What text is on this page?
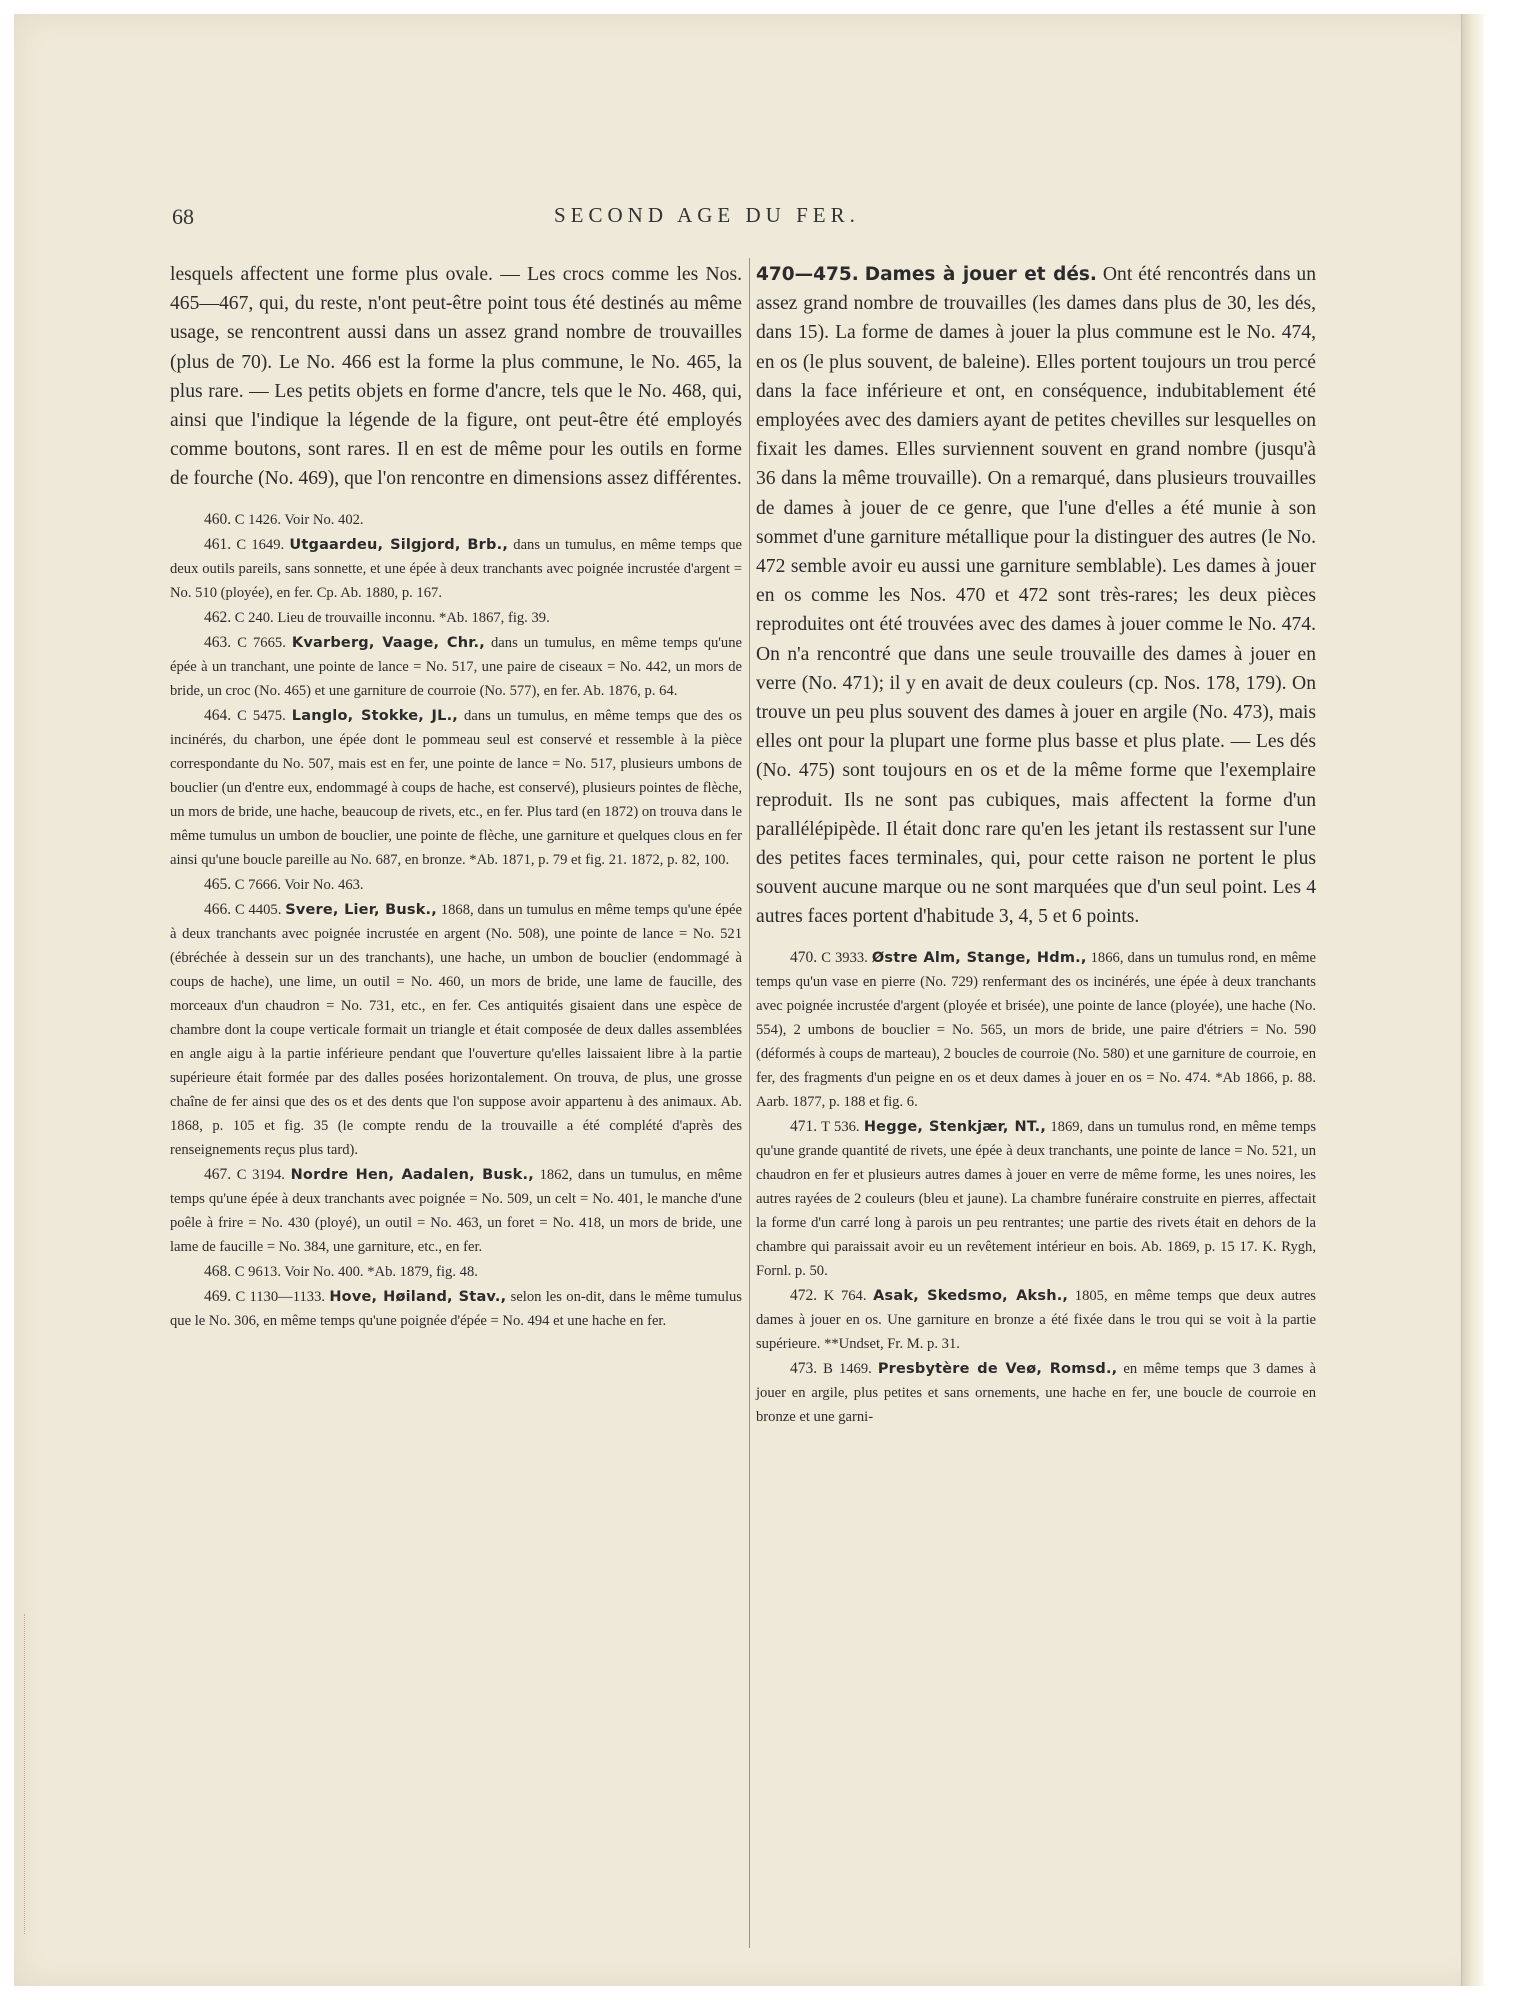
68	SECOND AGE DU FER.

lesquels affectent une forme plus ovale. — Les crocs comme les Nos. 465—467, qui, du reste, n'ont peut-être point tous été destinés au même usage, se rencontrent aussi dans un assez grand nombre de trouvailles (plus de 70). Le No. 466 est la forme la plus commune, le No. 465, la plus rare. — Les petits objets en forme d'ancre, tels que le No. 468, qui, ainsi que l'indique la légende de la figure, ont peut-être été employés comme boutons, sont rares. Il en est de même pour les outils en forme de fourche (No. 469), que l'on rencontre en dimensions assez différentes.

460. C 1426. Voir No. 402.

461. C 1649. Utgaardeu, Silgjord, Brb., dans un tumulus, en même temps que deux outils pareils, sans sonnette, et une épée à deux tranchants avec poignée incrustée d'argent = No. 510 (ployée), en fer. Cp. Ab. 1880, p. 167.

462. C 240. Lieu de trouvaille inconnu. *Ab. 1867, fig. 39.

463. C 7665. Kvarberg, Vaage, Chr., dans un tumulus, en même temps qu'une épée à un tranchant, une pointe de lance = No. 517, une paire de ciseaux = No. 442, un mors de bride, un croc (No. 465) et une garniture de courroie (No. 577), en fer. Ab. 1876, p. 64.

464. C 5475. Langlo, Stokke, JL., dans un tumulus, en même temps que des os incinérés, du charbon, une épée dont le pommeau seul est conservé et ressemble à la pièce correspondante du No. 507, mais est en fer, une pointe de lance = No. 517, plusieurs umbons de bouclier (un d'entre eux, endommagé à coups de hache, est conservé), plusieurs pointes de flèche, un mors de bride, une hache, beaucoup de rivets, etc., en fer. Plus tard (en 1872) on trouva dans le même tumulus un umbon de bouclier, une pointe de flèche, une garniture et quelques clous en fer ainsi qu'une boucle pareille au No. 687, en bronze. *Ab. 1871, p. 79 et fig. 21. 1872, p. 82, 100.

465. C 7666. Voir No. 463.

466. C 4405. Svere, Lier, Busk., 1868, dans un tumulus en même temps qu'une épée à deux tranchants avec poignée incrustée en argent (No. 508), une pointe de lance = No. 521 (ébréchée à dessein sur un des tranchants), une hache, un umbon de bouclier (endommagé à coups de hache), une lime, un outil = No. 460, un mors de bride, une lame de faucille, des morceaux d'un chaudron = No. 731, etc., en fer. Ces antiquités gisaient dans une espèce de chambre dont la coupe verticale formait un triangle et était composée de deux dalles assemblées en angle aigu à la partie inférieure pendant que l'ouverture qu'elles laissaient libre à la partie supérieure était formée par des dalles posées horizontalement. On trouva, de plus, une grosse chaîne de fer ainsi que des os et des dents que l'on suppose avoir appartenu à des animaux. Ab. 1868, p. 105 et fig. 35 (le compte rendu de la trouvaille a été complété d'après des renseignements reçus plus tard).

467. C 3194. Nordre Hen, Aadalen, Busk., 1862, dans un tumulus, en même temps qu'une épée à deux tranchants avec poignée = No. 509, un celt = No. 401, le manche d'une poêle à frire = No. 430 (ployé), un outil = No. 463, un foret = No. 418, un mors de bride, une lame de faucille = No. 384, une garniture, etc., en fer.

468. C 9613. Voir No. 400. *Ab. 1879, fig. 48.

469. C 1130—1133. Hove, Høiland, Stav., selon les on-dit, dans le même tumulus que le No. 306, en même temps qu'une poignée d'épée = No. 494 et une hache en fer.

470—475. Dames à jouer et dés. Ont été rencontrés dans un assez grand nombre de trouvailles (les dames dans plus de 30, les dés, dans 15). La forme de dames à jouer la plus commune est le No. 474, en os (le plus souvent, de baleine). Elles portent toujours un trou percé dans la face inférieure et ont, en conséquence, indubitablement été employées avec des damiers ayant de petites chevilles sur lesquelles on fixait les dames. Elles surviennent souvent en grand nombre (jusqu'à 36 dans la même trouvaille). On a remarqué, dans plusieurs trouvailles de dames à jouer de ce genre, que l'une d'elles a été munie à son sommet d'une garniture métallique pour la distinguer des autres (le No. 472 semble avoir eu aussi une garniture semblable). Les dames à jouer en os comme les Nos. 470 et 472 sont très-rares; les deux pièces reproduites ont été trouvées avec des dames à jouer comme le No. 474. On n'a rencontré que dans une seule trouvaille des dames à jouer en verre (No. 471); il y en avait de deux couleurs (cp. Nos. 178, 179). On trouve un peu plus souvent des dames à jouer en argile (No. 473), mais elles ont pour la plupart une forme plus basse et plus plate. — Les dés (No. 475) sont toujours en os et de la même forme que l'exemplaire reproduit. Ils ne sont pas cubiques, mais affectent la forme d'un parallélépipède. Il était donc rare qu'en les jetant ils restassent sur l'une des petites faces terminales, qui, pour cette raison ne portent le plus souvent aucune marque ou ne sont marquées que d'un seul point. Les 4 autres faces portent d'habitude 3, 4, 5 et 6 points.

470. C 3933. Østre Alm, Stange, Hdm., 1866, dans un tumulus rond, en même temps qu'un vase en pierre (No. 729) renfermant des os incinérés, une épée à deux tranchants avec poignée incrustée d'argent (ployée et brisée), une pointe de lance (ployée), une hache (No. 554), 2 umbons de bouclier = No. 565, un mors de bride, une paire d'étriers = No. 590 (déformés à coups de marteau), 2 boucles de courroie (No. 580) et une garniture de courroie, en fer, des fragments d'un peigne en os et deux dames à jouer en os = No. 474. *Ab 1866, p. 88. Aarb. 1877, p. 188 et fig. 6.

471. T 536. Hegge, Stenkjær, NT., 1869, dans un tumulus rond, en même temps qu'une grande quantité de rivets, une épée à deux tranchants, une pointe de lance = No. 521, un chaudron en fer et plusieurs autres dames à jouer en verre de même forme, les unes noires, les autres rayées de 2 couleurs (bleu et jaune). La chambre funéraire construite en pierres, affectait la forme d'un carré long à parois un peu rentrantes; une partie des rivets était en dehors de la chambre qui paraissait avoir eu un revêtement intérieur en bois. Ab. 1869, p. 15 17. K. Rygh, Fornl. p. 50.

472. K 764. Asak, Skedsmo, Aksh., 1805, en même temps que deux autres dames à jouer en os. Une garniture en bronze a été fixée dans le trou qui se voit à la partie supérieure. **Undset, Fr. M. p. 31.

473. B 1469. Presbytère de Veø, Romsd., en même temps que 3 dames à jouer en argile, plus petites et sans ornements, une hache en fer, une boucle de courroie en bronze et une garni-
